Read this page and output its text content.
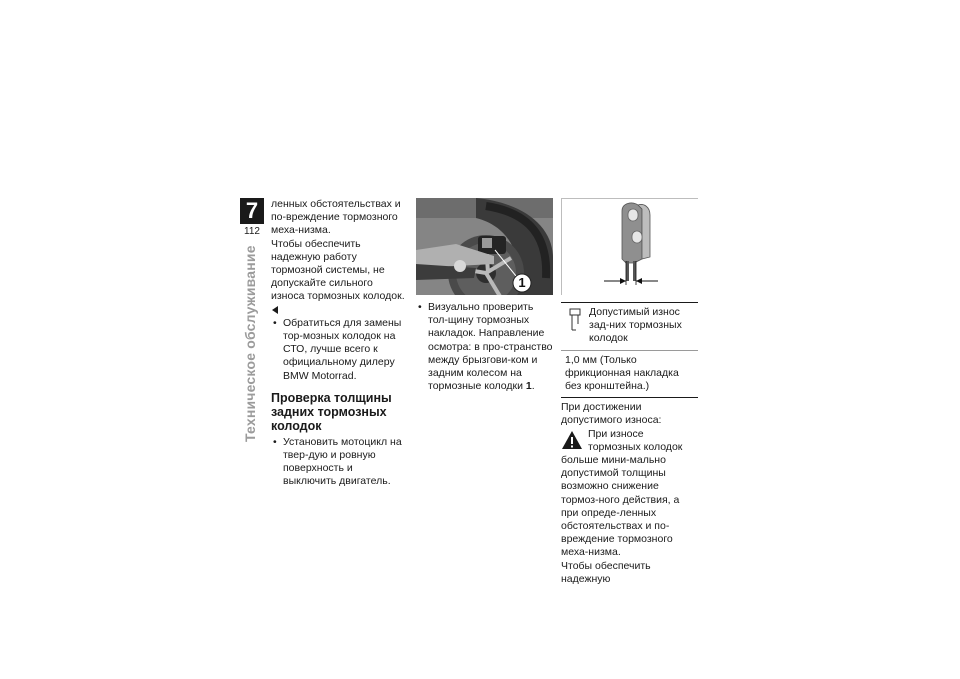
7
112
Техническое обслуживание

ленных обстоятельствах и по-вреждение тормозного меха-низма.

Чтобы обеспечить надежную работу тормозной системы, не допускайте сильного износа тормозных колодок.

• Обратиться для замены тор-мозных колодок на СТО, лучше всего к официальному дилеру BMW Motorrad.

Проверка толщины задних тормозных колодок

• Установить мотоцикл на твер-дую и ровную поверхность и выключить двигатель.

1

• Визуально проверить тол-щину тормозных накладок. Направление осмотра: в про-странство между брызгови-ком и задним колесом на тормозные колодки 1.

Допустимый износ зад-них тормозных колодок
1,0 мм (Только фрикционная накладка без кронштейна.)

При достижении допустимого износа:

При износе тормозных колодок больше мини-мально допустимой толщины возможно снижение тормоз-ного действия, а при опреде-ленных обстоятельствах и по-вреждение тормозного меха-низма.

Чтобы обеспечить надежную
